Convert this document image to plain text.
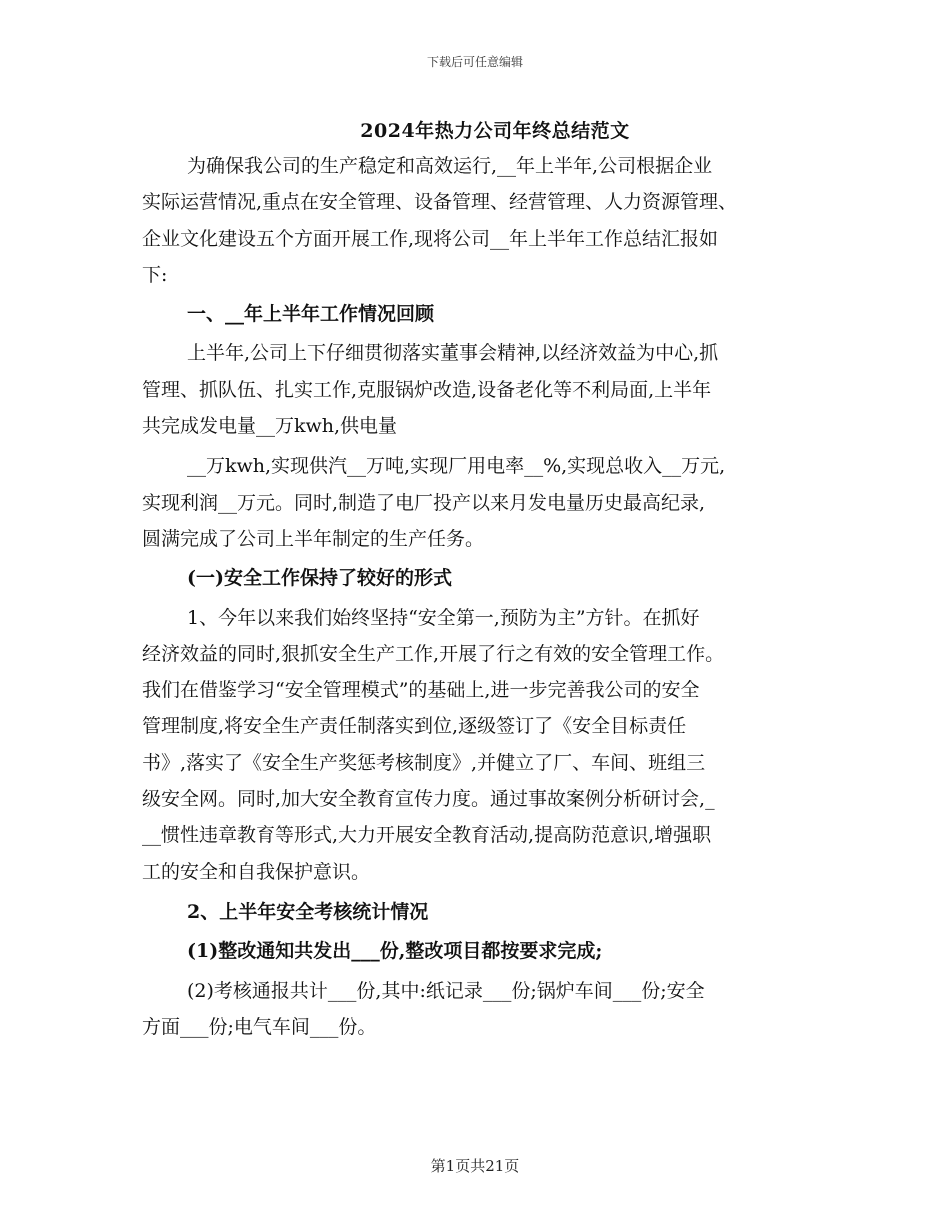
下载后可任意编辑
2024年热力公司年终总结范文
为确保我公司的生产稳定和高效运行,__年上半年,公司根据企业
实际运营情况,重点在安全管理、设备管理、经营管理、人力资源管理、
企业文化建设五个方面开展工作,现将公司__年上半年工作总结汇报如
下:
一、__年上半年工作情况回顾
上半年,公司上下仔细贯彻落实董事会精神,以经济效益为中心,抓
管理、抓队伍、扎实工作,克服锅炉改造,设备老化等不利局面,上半年
共完成发电量__万kwh,供电量
__万kwh,实现供汽__万吨,实现厂用电率__%,实现总收入__万元,
实现利润__万元。同时,制造了电厂投产以来月发电量历史最高纪录,
圆满完成了公司上半年制定的生产任务。
(一)安全工作保持了较好的形式
1、今年以来我们始终坚持“安全第一,预防为主”方针。在抓好
经济效益的同时,狠抓安全生产工作,开展了行之有效的安全管理工作。
我们在借鉴学习“安全管理模式”的基础上,进一步完善我公司的安全
管理制度,将安全生产责任制落实到位,逐级签订了《安全目标责任
书》,落实了《安全生产奖惩考核制度》,并健立了厂、车间、班组三
级安全网。同时,加大安全教育宣传力度。通过事故案例分析研讨会,_
__惯性违章教育等形式,大力开展安全教育活动,提高防范意识,增强职
工的安全和自我保护意识。
2、上半年安全考核统计情况
(1)整改通知共发出___份,整改项目都按要求完成;
(2)考核通报共计___份,其中:纸记录___份;锅炉车间___份;安全
方面___份;电气车间___份。
第1页共21页
